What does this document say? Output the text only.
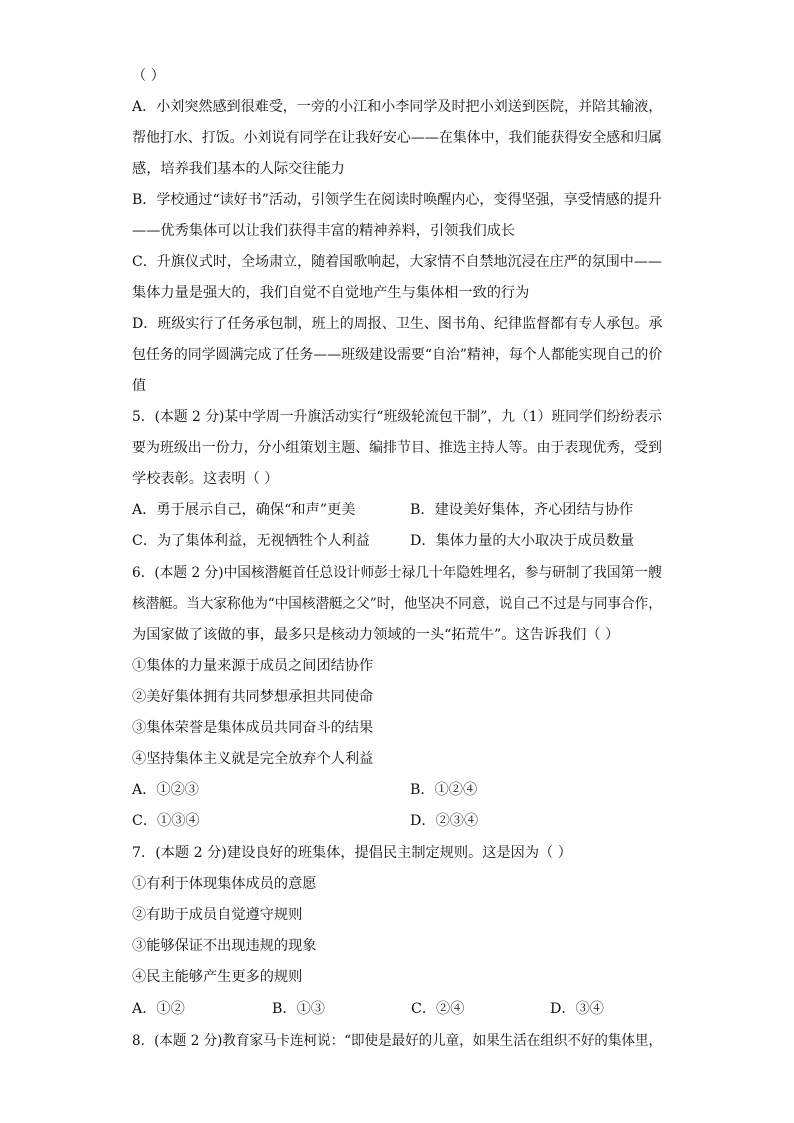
（ ）
A．小刘突然感到很难受，一旁的小江和小李同学及时把小刘送到医院，并陪其输液，
帮他打水、打饭。小刘说有同学在让我好安心——在集体中，我们能获得安全感和归属
感，培养我们基本的人际交往能力
B．学校通过“读好书”活动，引领学生在阅读时唤醒内心，变得坚强，享受情感的提升
——优秀集体可以让我们获得丰富的精神养料，引领我们成长
C．升旗仪式时，全场肃立，随着国歌响起，大家情不自禁地沉浸在庄严的氛围中——
集体力量是强大的，我们自觉不自觉地产生与集体相一致的行为
D．班级实行了任务承包制，班上的周报、卫生、图书角、纪律监督都有专人承包。承
包任务的同学圆满完成了任务——班级建设需要“自治”精神，每个人都能实现自己的价
值
5．(本题 2 分)某中学周一升旗活动实行“班级轮流包干制”，九（1）班同学们纷纷表示
要为班级出一份力，分小组策划主题、编排节目、推选主持人等。由于表现优秀，受到
学校表彰。这表明（ ）
A．勇于展示自己，确保“和声”更美	B．建设美好集体，齐心团结与协作
C．为了集体利益，无视牺牲个人利益	D．集体力量的大小取决于成员数量
6．(本题 2 分)中国核潜艇首任总设计师彭士禄几十年隐姓埋名，参与研制了我国第一艘
核潜艇。当大家称他为“中国核潜艇之父”时，他坚决不同意，说自己不过是与同事合作，
为国家做了该做的事，最多只是核动力领域的一头“拓荒牛”。这告诉我们（ ）
①集体的力量来源于成员之间团结协作
②美好集体拥有共同梦想承担共同使命
③集体荣誉是集体成员共同奋斗的结果
④坚持集体主义就是完全放弃个人利益
A．①②③	B．①②④
C．①③④	D．②③④
7．(本题 2 分)建设良好的班集体，提倡民主制定规则。这是因为（ ）
①有利于体现集体成员的意愿
②有助于成员自觉遵守规则
③能够保证不出现违规的现象
④民主能够产生更多的规则
A．①②	B．①③	C．②④	D．③④
8．(本题 2 分)教育家马卡连柯说：“即使是最好的儿童，如果生活在组织不好的集体里，
